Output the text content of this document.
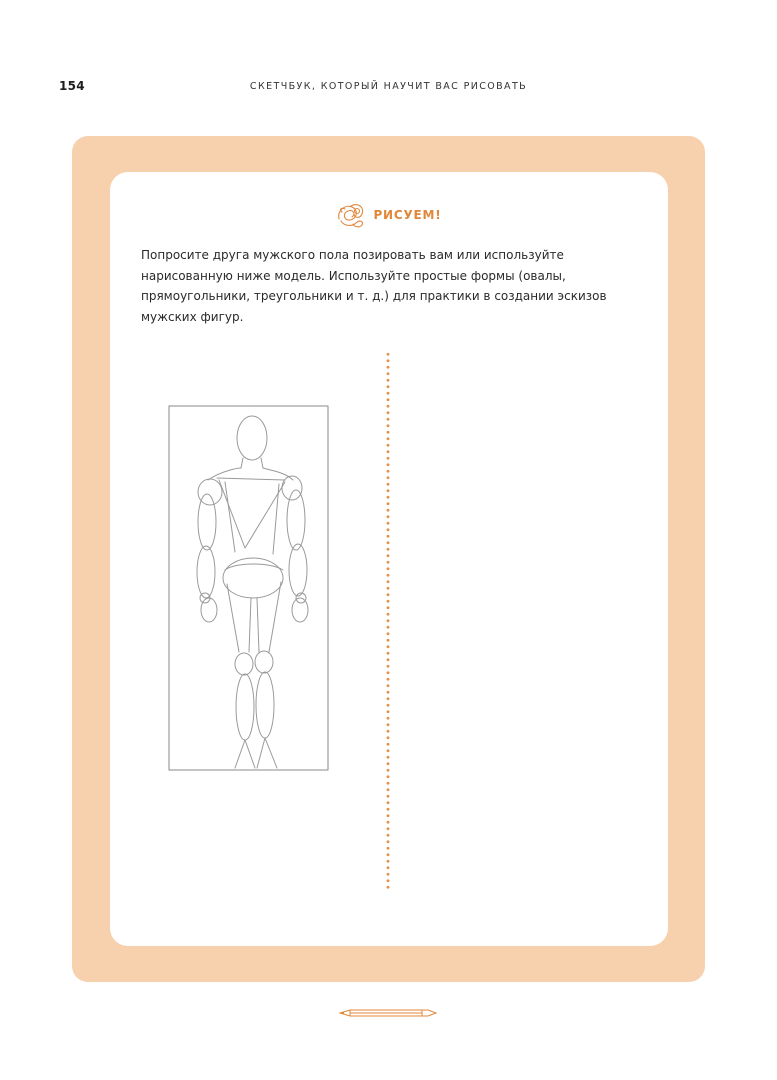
154	СКЕТЧБУК, КОТОРЫЙ НАУЧИТ ВАС РИСОВАТЬ
РИСУЕМ!

Попросите друга мужского пола позировать вам или используйте нарисованную ниже модель. Используйте простые формы (овалы, прямоугольники, треугольники и т. д.) для практики в создании эскизов мужских фигур.
